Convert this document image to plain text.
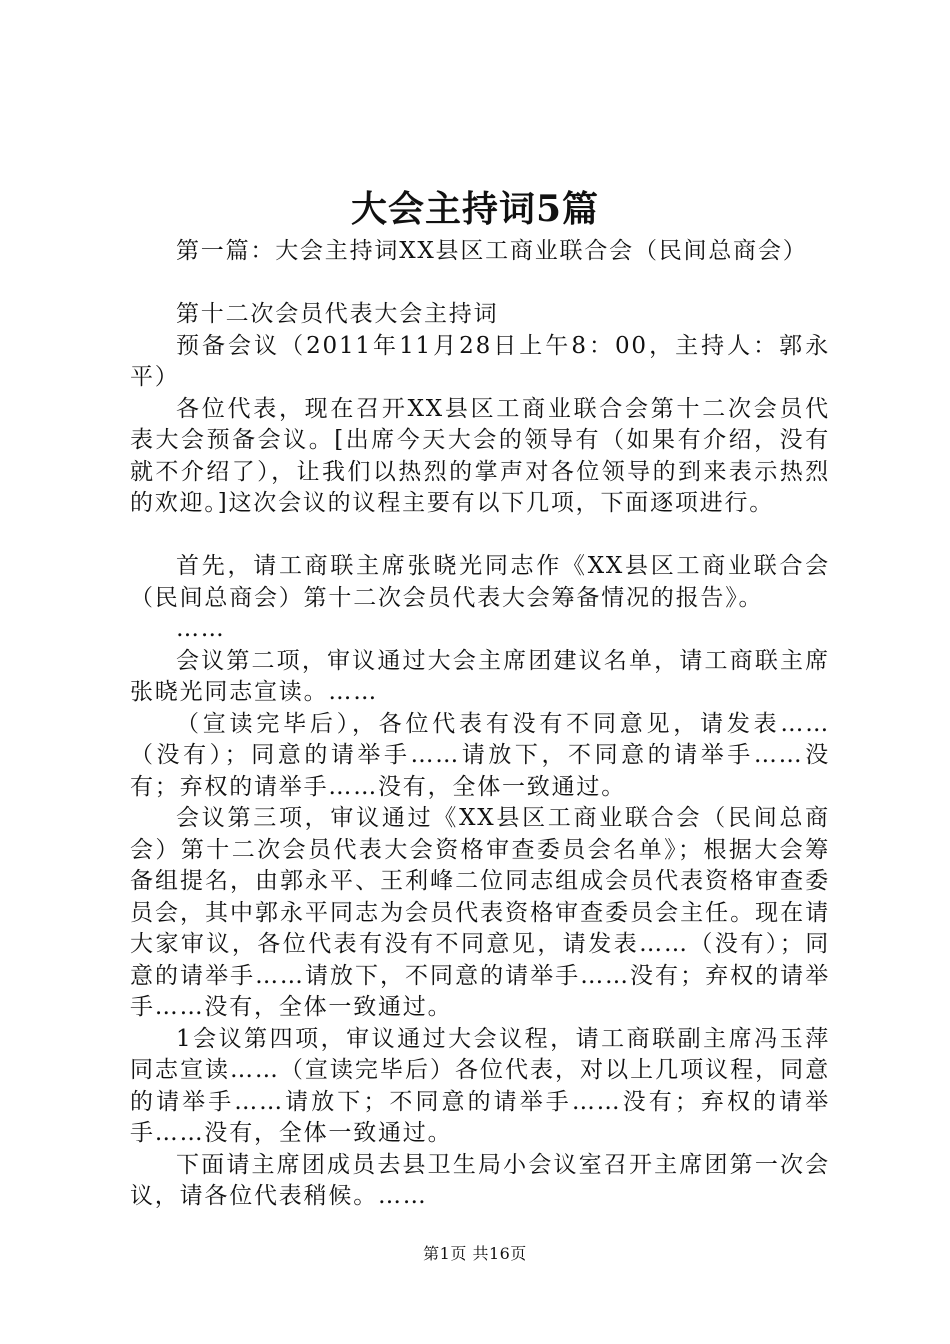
大会主持词5篇

第一篇：大会主持词XX县区工商业联合会（民间总商会）

第十二次会员代表大会主持词

预备会议（2011年11月28日上午8：00，主持人：郭永平）

各位代表，现在召开XX县区工商业联合会第十二次会员代表大会预备会议。[出席今天大会的领导有（如果有介绍，没有就不介绍了），让我们以热烈的掌声对各位领导的到来表示热烈的欢迎。]这次会议的议程主要有以下几项，下面逐项进行。

首先，请工商联主席张晓光同志作《XX县区工商业联合会（民间总商会）第十二次会员代表大会筹备情况的报告》。

……

会议第二项，审议通过大会主席团建议名单，请工商联主席张晓光同志宣读。……

（宣读完毕后），各位代表有没有不同意见，请发表……（没有）；同意的请举手……请放下，不同意的请举手……没有；弃权的请举手……没有，全体一致通过。

会议第三项，审议通过《XX县区工商业联合会（民间总商会）第十二次会员代表大会资格审查委员会名单》；根据大会筹备组提名，由郭永平、王利峰二位同志组成会员代表资格审查委员会，其中郭永平同志为会员代表资格审查委员会主任。现在请大家审议，各位代表有没有不同意见，请发表……（没有）；同意的请举手……请放下，不同意的请举手……没有；弃权的请举手……没有，全体一致通过。

1会议第四项，审议通过大会议程，请工商联副主席冯玉萍同志宣读……（宣读完毕后）各位代表，对以上几项议程，同意的请举手……请放下；不同意的请举手……没有；弃权的请举手……没有，全体一致通过。

下面请主席团成员去县卫生局小会议室召开主席团第一次会议，请各位代表稍候。……

第1页 共16页
